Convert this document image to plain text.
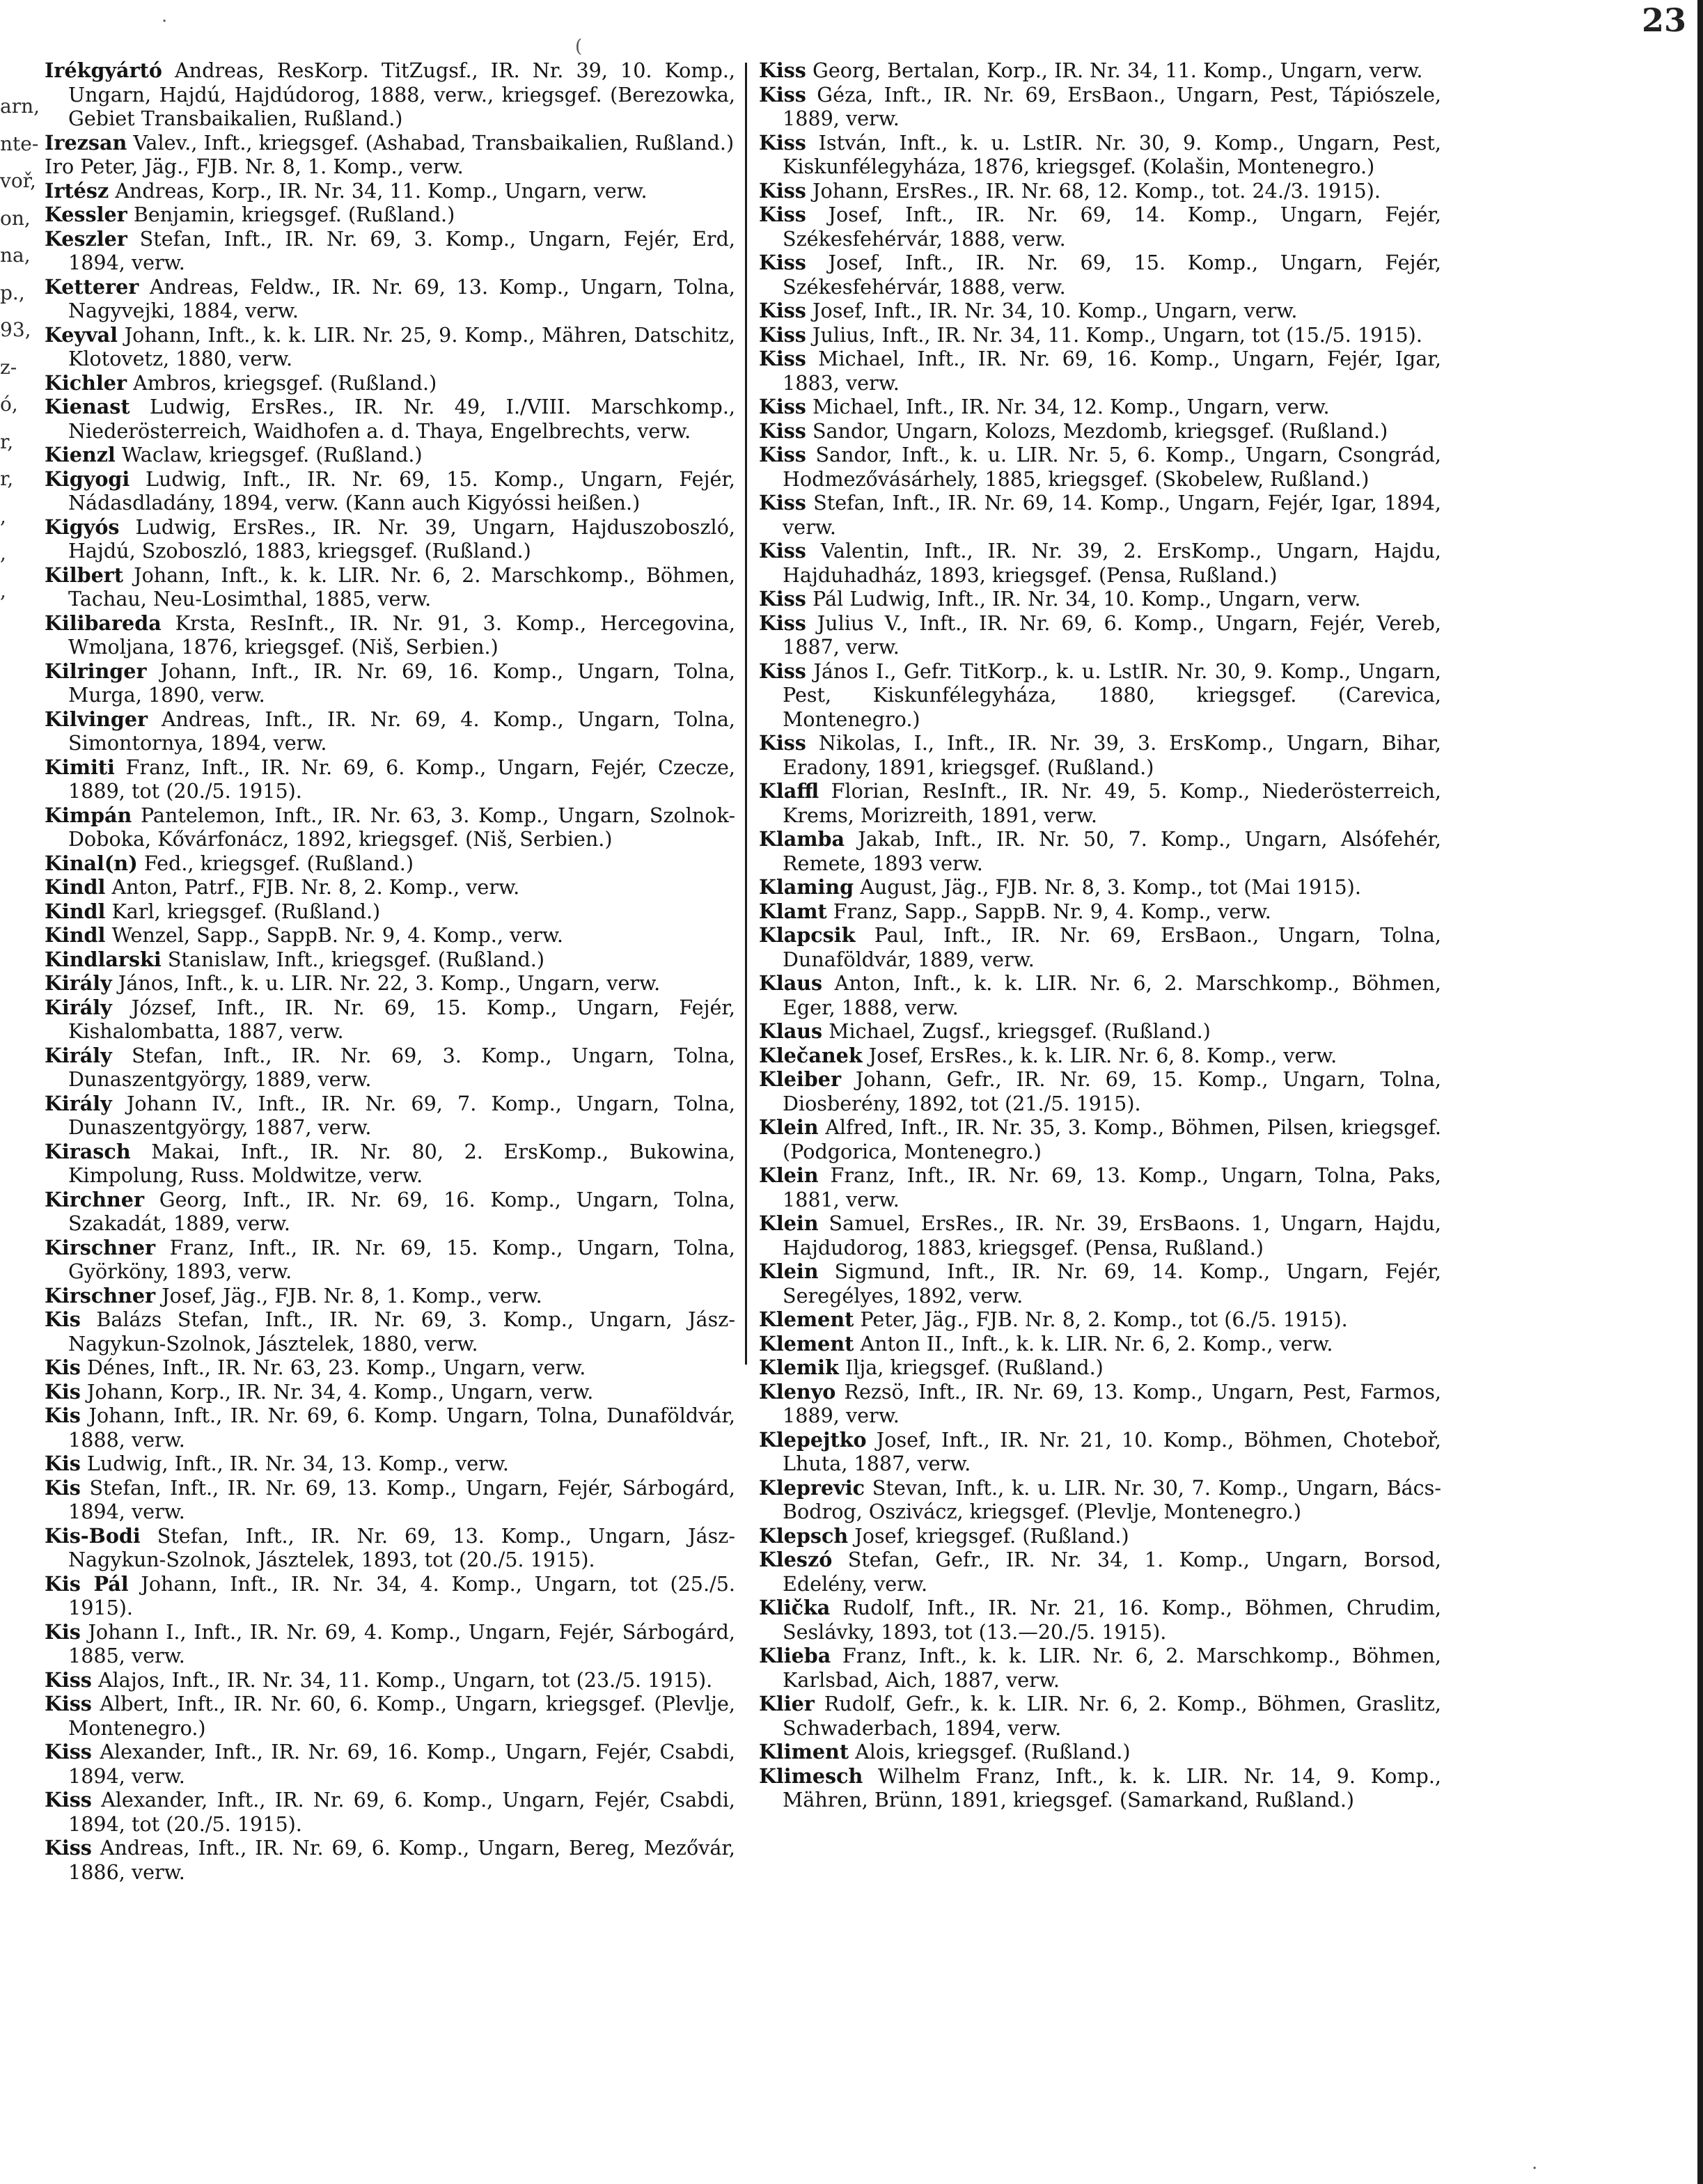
23
·
(
·
arn,
nte-
voř,
on,
na,
p.,
93,
z-
ó,
r,
r,
,
,
,

Irékgyártó Andreas, ResKorp. TitZugsf., IR. Nr. 39, 10. Komp., Ungarn, Hajdú, Hajdúdorog, 1888, verw., kriegsgef. (Berezowka, Gebiet Transbaikalien, Rußland.)

Irezsan Valev., Inft., kriegsgef. (Ashabad, Transbaikalien, Rußland.)

Iro Peter, Jäg., FJB. Nr. 8, 1. Komp., verw.

Irtész Andreas, Korp., IR. Nr. 34, 11. Komp., Ungarn, verw.

Kessler Benjamin, kriegsgef. (Rußland.)

Keszler Stefan, Inft., IR. Nr. 69, 3. Komp., Ungarn, Fejér, Erd, 1894, verw.

Ketterer Andreas, Feldw., IR. Nr. 69, 13. Komp., Ungarn, Tolna, Nagyvejki, 1884, verw.

Keyval Johann, Inft., k. k. LIR. Nr. 25, 9. Komp., Mähren, Datschitz, Klotovetz, 1880, verw.

Kichler Ambros, kriegsgef. (Rußland.)

Kienast Ludwig, ErsRes., IR. Nr. 49, I./VIII. Marschkomp., Niederösterreich, Waidhofen a. d. Thaya, Engelbrechts, verw.

Kienzl Waclaw, kriegsgef. (Rußland.)

Kigyogi Ludwig, Inft., IR. Nr. 69, 15. Komp., Ungarn, Fejér, Nádasdladány, 1894, verw. (Kann auch Kigyóssi heißen.)

Kigyós Ludwig, ErsRes., IR. Nr. 39, Ungarn, Hajduszoboszló, Hajdú, Szoboszló, 1883, kriegsgef. (Rußland.)

Kilbert Johann, Inft., k. k. LIR. Nr. 6, 2. Marschkomp., Böhmen, Tachau, Neu-Losimthal, 1885, verw.

Kilibareda Krsta, ResInft., IR. Nr. 91, 3. Komp., Hercegovina, Wmoljana, 1876, kriegsgef. (Niš, Serbien.)

Kilringer Johann, Inft., IR. Nr. 69, 16. Komp., Ungarn, Tolna, Murga, 1890, verw.

Kilvinger Andreas, Inft., IR. Nr. 69, 4. Komp., Ungarn, Tolna, Simontornya, 1894, verw.

Kimiti Franz, Inft., IR. Nr. 69, 6. Komp., Ungarn, Fejér, Czecze, 1889, tot (20./5. 1915).

Kimpán Pantelemon, Inft., IR. Nr. 63, 3. Komp., Ungarn, Szolnok-Doboka, Kővárfonácz, 1892, kriegsgef. (Niš, Serbien.)

Kinal(n) Fed., kriegsgef. (Rußland.)

Kindl Anton, Patrf., FJB. Nr. 8, 2. Komp., verw.

Kindl Karl, kriegsgef. (Rußland.)

Kindl Wenzel, Sapp., SappB. Nr. 9, 4. Komp., verw.

Kindlarski Stanislaw, Inft., kriegsgef. (Rußland.)

Király János, Inft., k. u. LIR. Nr. 22, 3. Komp., Ungarn, verw.

Király József, Inft., IR. Nr. 69, 15. Komp., Ungarn, Fejér, Kishalombatta, 1887, verw.

Király Stefan, Inft., IR. Nr. 69, 3. Komp., Ungarn, Tolna, Dunaszentgyörgy, 1889, verw.

Király Johann IV., Inft., IR. Nr. 69, 7. Komp., Ungarn, Tolna, Dunaszentgyörgy, 1887, verw.

Kirasch Makai, Inft., IR. Nr. 80, 2. ErsKomp., Bukowina, Kimpolung, Russ. Moldwitze, verw.

Kirchner Georg, Inft., IR. Nr. 69, 16. Komp., Ungarn, Tolna, Szakadát, 1889, verw.

Kirschner Franz, Inft., IR. Nr. 69, 15. Komp., Ungarn, Tolna, Györköny, 1893, verw.

Kirschner Josef, Jäg., FJB. Nr. 8, 1. Komp., verw.

Kis Balázs Stefan, Inft., IR. Nr. 69, 3. Komp., Ungarn, Jász-Nagykun-Szolnok, Jásztelek, 1880, verw.

Kis Dénes, Inft., IR. Nr. 63, 23. Komp., Ungarn, verw.

Kis Johann, Korp., IR. Nr. 34, 4. Komp., Ungarn, verw.

Kis Johann, Inft., IR. Nr. 69, 6. Komp. Ungarn, Tolna, Dunaföldvár, 1888, verw.

Kis Ludwig, Inft., IR. Nr. 34, 13. Komp., verw.

Kis Stefan, Inft., IR. Nr. 69, 13. Komp., Ungarn, Fejér, Sárbogárd, 1894, verw.

Kis-Bodi Stefan, Inft., IR. Nr. 69, 13. Komp., Ungarn, Jász-Nagykun-Szolnok, Jásztelek, 1893, tot (20./5. 1915).

Kis Pál Johann, Inft., IR. Nr. 34, 4. Komp., Ungarn, tot (25./5. 1915).

Kis Johann I., Inft., IR. Nr. 69, 4. Komp., Ungarn, Fejér, Sárbogárd, 1885, verw.

Kiss Alajos, Inft., IR. Nr. 34, 11. Komp., Ungarn, tot (23./5. 1915).

Kiss Albert, Inft., IR. Nr. 60, 6. Komp., Ungarn, kriegsgef. (Plevlje, Montenegro.)

Kiss Alexander, Inft., IR. Nr. 69, 16. Komp., Ungarn, Fejér, Csabdi, 1894, verw.

Kiss Alexander, Inft., IR. Nr. 69, 6. Komp., Ungarn, Fejér, Csabdi, 1894, tot (20./5. 1915).

Kiss Andreas, Inft., IR. Nr. 69, 6. Komp., Ungarn, Bereg, Mezővár, 1886, verw.

Kiss Georg, Bertalan, Korp., IR. Nr. 34, 11. Komp., Ungarn, verw.

Kiss Géza, Inft., IR. Nr. 69, ErsBaon., Ungarn, Pest, Tápiószele, 1889, verw.

Kiss István, Inft., k. u. LstIR. Nr. 30, 9. Komp., Ungarn, Pest, Kiskunfélegyháza, 1876, kriegsgef. (Kolašin, Montenegro.)

Kiss Johann, ErsRes., IR. Nr. 68, 12. Komp., tot. 24./3. 1915).

Kiss Josef, Inft., IR. Nr. 69, 14. Komp., Ungarn, Fejér, Székesfehérvár, 1888, verw.

Kiss Josef, Inft., IR. Nr. 69, 15. Komp., Ungarn, Fejér, Székesfehérvár, 1888, verw.

Kiss Josef, Inft., IR. Nr. 34, 10. Komp., Ungarn, verw.

Kiss Julius, Inft., IR. Nr. 34, 11. Komp., Ungarn, tot (15./5. 1915).

Kiss Michael, Inft., IR. Nr. 69, 16. Komp., Ungarn, Fejér, Igar, 1883, verw.

Kiss Michael, Inft., IR. Nr. 34, 12. Komp., Ungarn, verw.

Kiss Sandor, Ungarn, Kolozs, Mezdomb, kriegsgef. (Rußland.)

Kiss Sandor, Inft., k. u. LIR. Nr. 5, 6. Komp., Ungarn, Csongrád, Hodmezővásárhely, 1885, kriegsgef. (Skobelew, Rußland.)

Kiss Stefan, Inft., IR. Nr. 69, 14. Komp., Ungarn, Fejér, Igar, 1894, verw.

Kiss Valentin, Inft., IR. Nr. 39, 2. ErsKomp., Ungarn, Hajdu, Hajduhadház, 1893, kriegsgef. (Pensa, Rußland.)

Kiss Pál Ludwig, Inft., IR. Nr. 34, 10. Komp., Ungarn, verw.

Kiss Julius V., Inft., IR. Nr. 69, 6. Komp., Ungarn, Fejér, Vereb, 1887, verw.

Kiss János I., Gefr. TitKorp., k. u. LstIR. Nr. 30, 9. Komp., Ungarn, Pest, Kiskunfélegyháza, 1880, kriegsgef. (Carevica, Montenegro.)

Kiss Nikolas, I., Inft., IR. Nr. 39, 3. ErsKomp., Ungarn, Bihar, Eradony, 1891, kriegsgef. (Rußland.)

Klaffl Florian, ResInft., IR. Nr. 49, 5. Komp., Niederösterreich, Krems, Morizreith, 1891, verw.

Klamba Jakab, Inft., IR. Nr. 50, 7. Komp., Ungarn, Alsófehér, Remete, 1893 verw.

Klaming August, Jäg., FJB. Nr. 8, 3. Komp., tot (Mai 1915).

Klamt Franz, Sapp., SappB. Nr. 9, 4. Komp., verw.

Klapcsik Paul, Inft., IR. Nr. 69, ErsBaon., Ungarn, Tolna, Dunaföldvár, 1889, verw.

Klaus Anton, Inft., k. k. LIR. Nr. 6, 2. Marschkomp., Böhmen, Eger, 1888, verw.

Klaus Michael, Zugsf., kriegsgef. (Rußland.)

Klečanek Josef, ErsRes., k. k. LIR. Nr. 6, 8. Komp., verw.

Kleiber Johann, Gefr., IR. Nr. 69, 15. Komp., Ungarn, Tolna, Diosberény, 1892, tot (21./5. 1915).

Klein Alfred, Inft., IR. Nr. 35, 3. Komp., Böhmen, Pilsen, kriegsgef. (Podgorica, Montenegro.)

Klein Franz, Inft., IR. Nr. 69, 13. Komp., Ungarn, Tolna, Paks, 1881, verw.

Klein Samuel, ErsRes., IR. Nr. 39, ErsBaons. 1, Ungarn, Hajdu, Hajdudorog, 1883, kriegsgef. (Pensa, Rußland.)

Klein Sigmund, Inft., IR. Nr. 69, 14. Komp., Ungarn, Fejér, Seregélyes, 1892, verw.

Klement Peter, Jäg., FJB. Nr. 8, 2. Komp., tot (6./5. 1915).

Klement Anton II., Inft., k. k. LIR. Nr. 6, 2. Komp., verw.

Klemik Ilja, kriegsgef. (Rußland.)

Klenyo Rezsö, Inft., IR. Nr. 69, 13. Komp., Ungarn, Pest, Farmos, 1889, verw.

Klepejtko Josef, Inft., IR. Nr. 21, 10. Komp., Böhmen, Chotebоř, Lhuta, 1887, verw.

Kleprevic Stevan, Inft., k. u. LIR. Nr. 30, 7. Komp., Ungarn, Bács-Bodrog, Oszivácz, kriegsgef. (Plevlje, Montenegro.)

Klepsch Josef, kriegsgef. (Rußland.)

Kleszó Stefan, Gefr., IR. Nr. 34, 1. Komp., Ungarn, Borsod, Edelény, verw.

Klička Rudolf, Inft., IR. Nr. 21, 16. Komp., Böhmen, Chrudim, Seslávky, 1893, tot (13.—20./5. 1915).

Klieba Franz, Inft., k. k. LIR. Nr. 6, 2. Marschkomp., Böhmen, Karlsbad, Aich, 1887, verw.

Klier Rudolf, Gefr., k. k. LIR. Nr. 6, 2. Komp., Böhmen, Graslitz, Schwaderbach, 1894, verw.

Kliment Alois, kriegsgef. (Rußland.)

Klimesch Wilhelm Franz, Inft., k. k. LIR. Nr. 14, 9. Komp., Mähren, Brünn, 1891, kriegsgef. (Samarkand, Rußland.)
